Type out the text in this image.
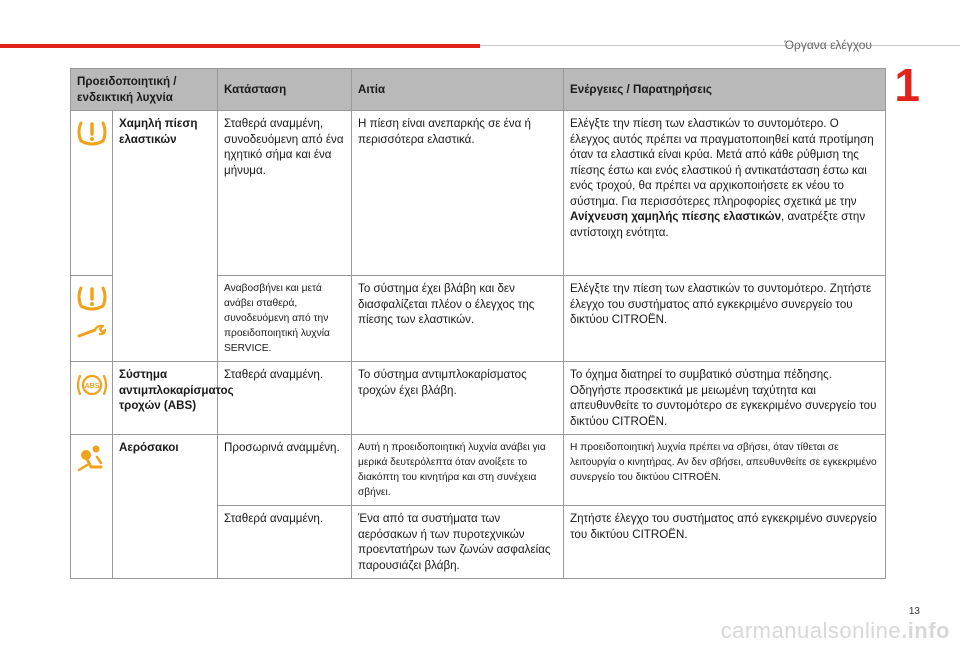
Όργανα ελέγχου
1
Προειδοποιητική / ενδεικτική λυχνία		Κατάσταση	Αιτία	Ενέργειες / Παρατηρήσεις

	Χαμηλή πίεση ελαστικών	Σταθερά αναμμένη, συνοδευόμενη από ένα ηχητικό σήμα και ένα μήνυμα.	Η πίεση είναι ανεπαρκής σε ένα ή περισσότερα ελαστικά.	Ελέγξτε την πίεση των ελαστικών το συντομότερο. Ο έλεγχος αυτός πρέπει να πραγματοποιηθεί κατά προτίμηση όταν τα ελαστικά είναι κρύα. Μετά από κάθε ρύθμιση της πίεσης έστω και ενός ελαστικού ή αντικατάσταση έστω και ενός τροχού, θα πρέπει να αρχικοποιήσετε εκ νέου το σύστημα. Για περισσότερες πληροφορίες σχετικά με την Ανίχνευση χαμηλής πίεσης ελαστικών, ανατρέξτε στην αντίστοιχη ενότητα.

	Αναβοσβήνει και μετά ανάβει σταθερά, συνοδευόμενη από την προειδοποιητική λυχνία SERVICE.	Το σύστημα έχει βλάβη και δεν διασφαλίζεται πλέον ο έλεγχος της πίεσης των ελαστικών.	Ελέγξτε την πίεση των ελαστικών το συντομότερο. Ζητήστε έλεγχο του συστήματος από εγκεκριμένο συνεργείο του δικτύου CITROËN.

ABS	Σύστημα αντιμπλοκαρίσματος τροχών (ABS)	Σταθερά αναμμένη.	Το σύστημα αντιμπλοκαρίσματος τροχών έχει βλάβη.	Το όχημα διατηρεί το συμβατικό σύστημα πέδησης. Οδηγήστε προσεκτικά με μειωμένη ταχύτητα και απευθυνθείτε το συντομότερο σε εγκεκριμένο συνεργείο του δικτύου CITROËN.

	Αερόσακοι	Προσωρινά αναμμένη.	Αυτή η προειδοποιητική λυχνία ανάβει για μερικά δευτερόλεπτα όταν ανοίξετε το διακόπτη του κινητήρα και στη συνέχεια σβήνει.	Η προειδοποιητική λυχνία πρέπει να σβήσει, όταν τίθεται σε λειτουργία ο κινητήρας. Αν δεν σβήσει, απευθυνθείτε σε εγκεκριμένο συνεργείο του δικτύου CITROËN.
		Σταθερά αναμμένη.	Ένα από τα συστήματα των αερόσακων ή των πυροτεχνικών προεντατήρων των ζωνών ασφαλείας παρουσιάζει βλάβη.	Ζητήστε έλεγχο του συστήματος από εγκεκριμένο συνεργείο του δικτύου CITROËN.
13
carmanualsonline.info
